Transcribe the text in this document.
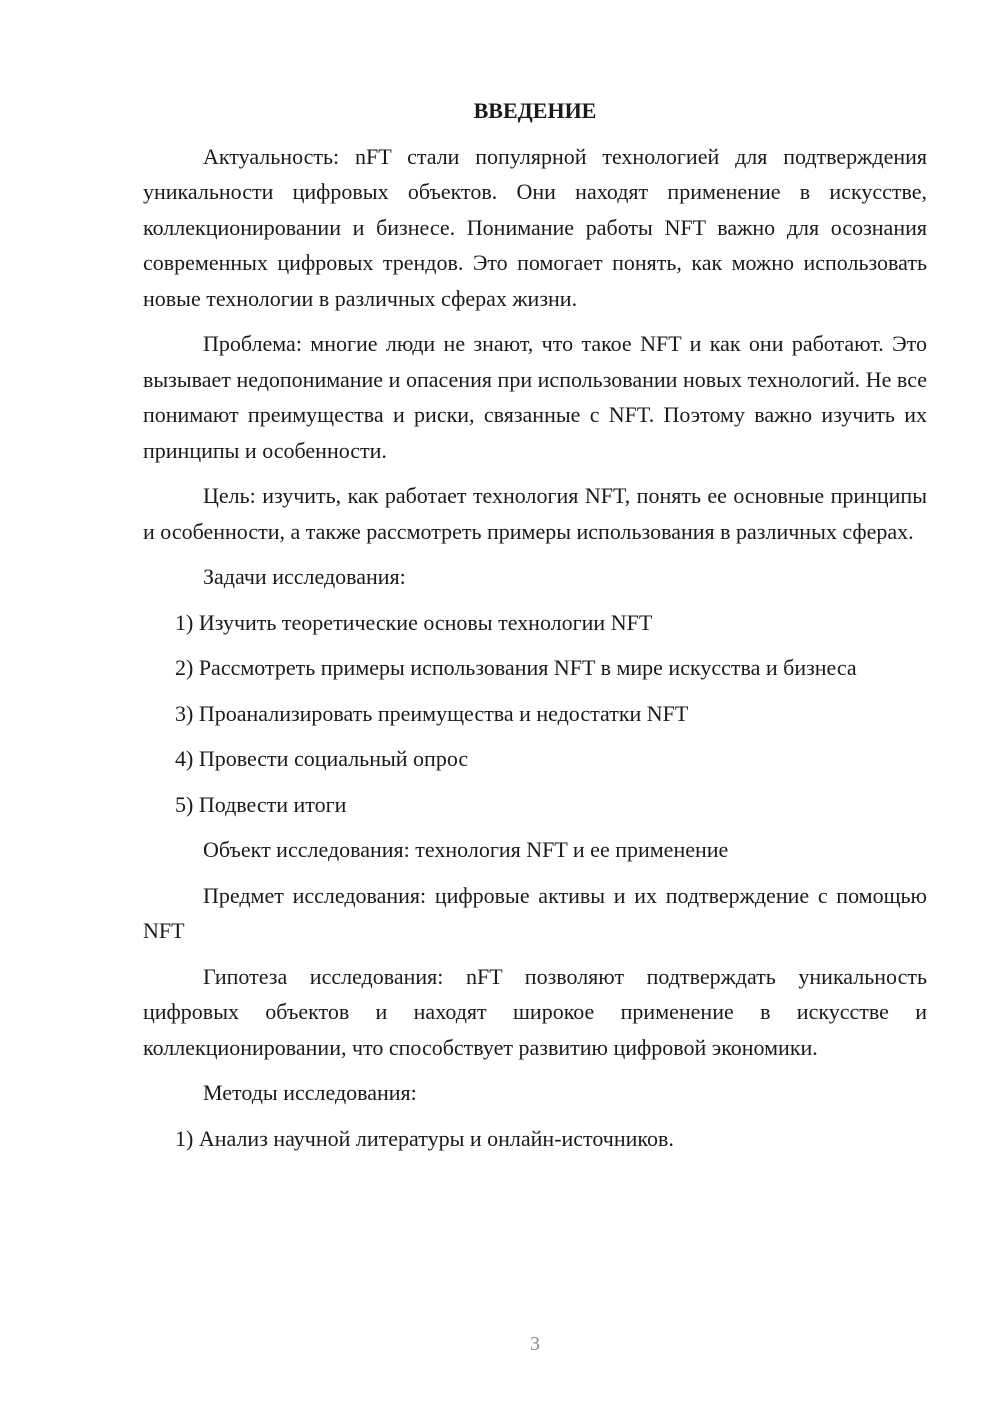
ВВЕДЕНИЕ

Актуальность: nFT стали популярной технологией для подтверждения уникальности цифровых объектов. Они находят применение в искусстве, коллекционировании и бизнесе. Понимание работы NFT важно для осознания современных цифровых трендов. Это помогает понять, как можно использовать новые технологии в различных сферах жизни.

Проблема: многие люди не знают, что такое NFT и как они работают. Это вызывает недопонимание и опасения при использовании новых технологий. Не все понимают преимущества и риски, связанные с NFT. Поэтому важно изучить их принципы и особенности.

Цель: изучить, как работает технология NFT, понять ее основные принципы и особенности, а также рассмотреть примеры использования в различных сферах.

Задачи исследования:

1) Изучить теоретические основы технологии NFT

2) Рассмотреть примеры использования NFT в мире искусства и бизнеса

3) Проанализировать преимущества и недостатки NFT

4) Провести социальный опрос

5) Подвести итоги

Объект исследования: технология NFT и ее применение

Предмет исследования: цифровые активы и их подтверждение с помощью NFT

Гипотеза исследования: nFT позволяют подтверждать уникальность цифровых объектов и находят широкое применение в искусстве и коллекционировании, что способствует развитию цифровой экономики.

Методы исследования:

1) Анализ научной литературы и онлайн-источников.

3
